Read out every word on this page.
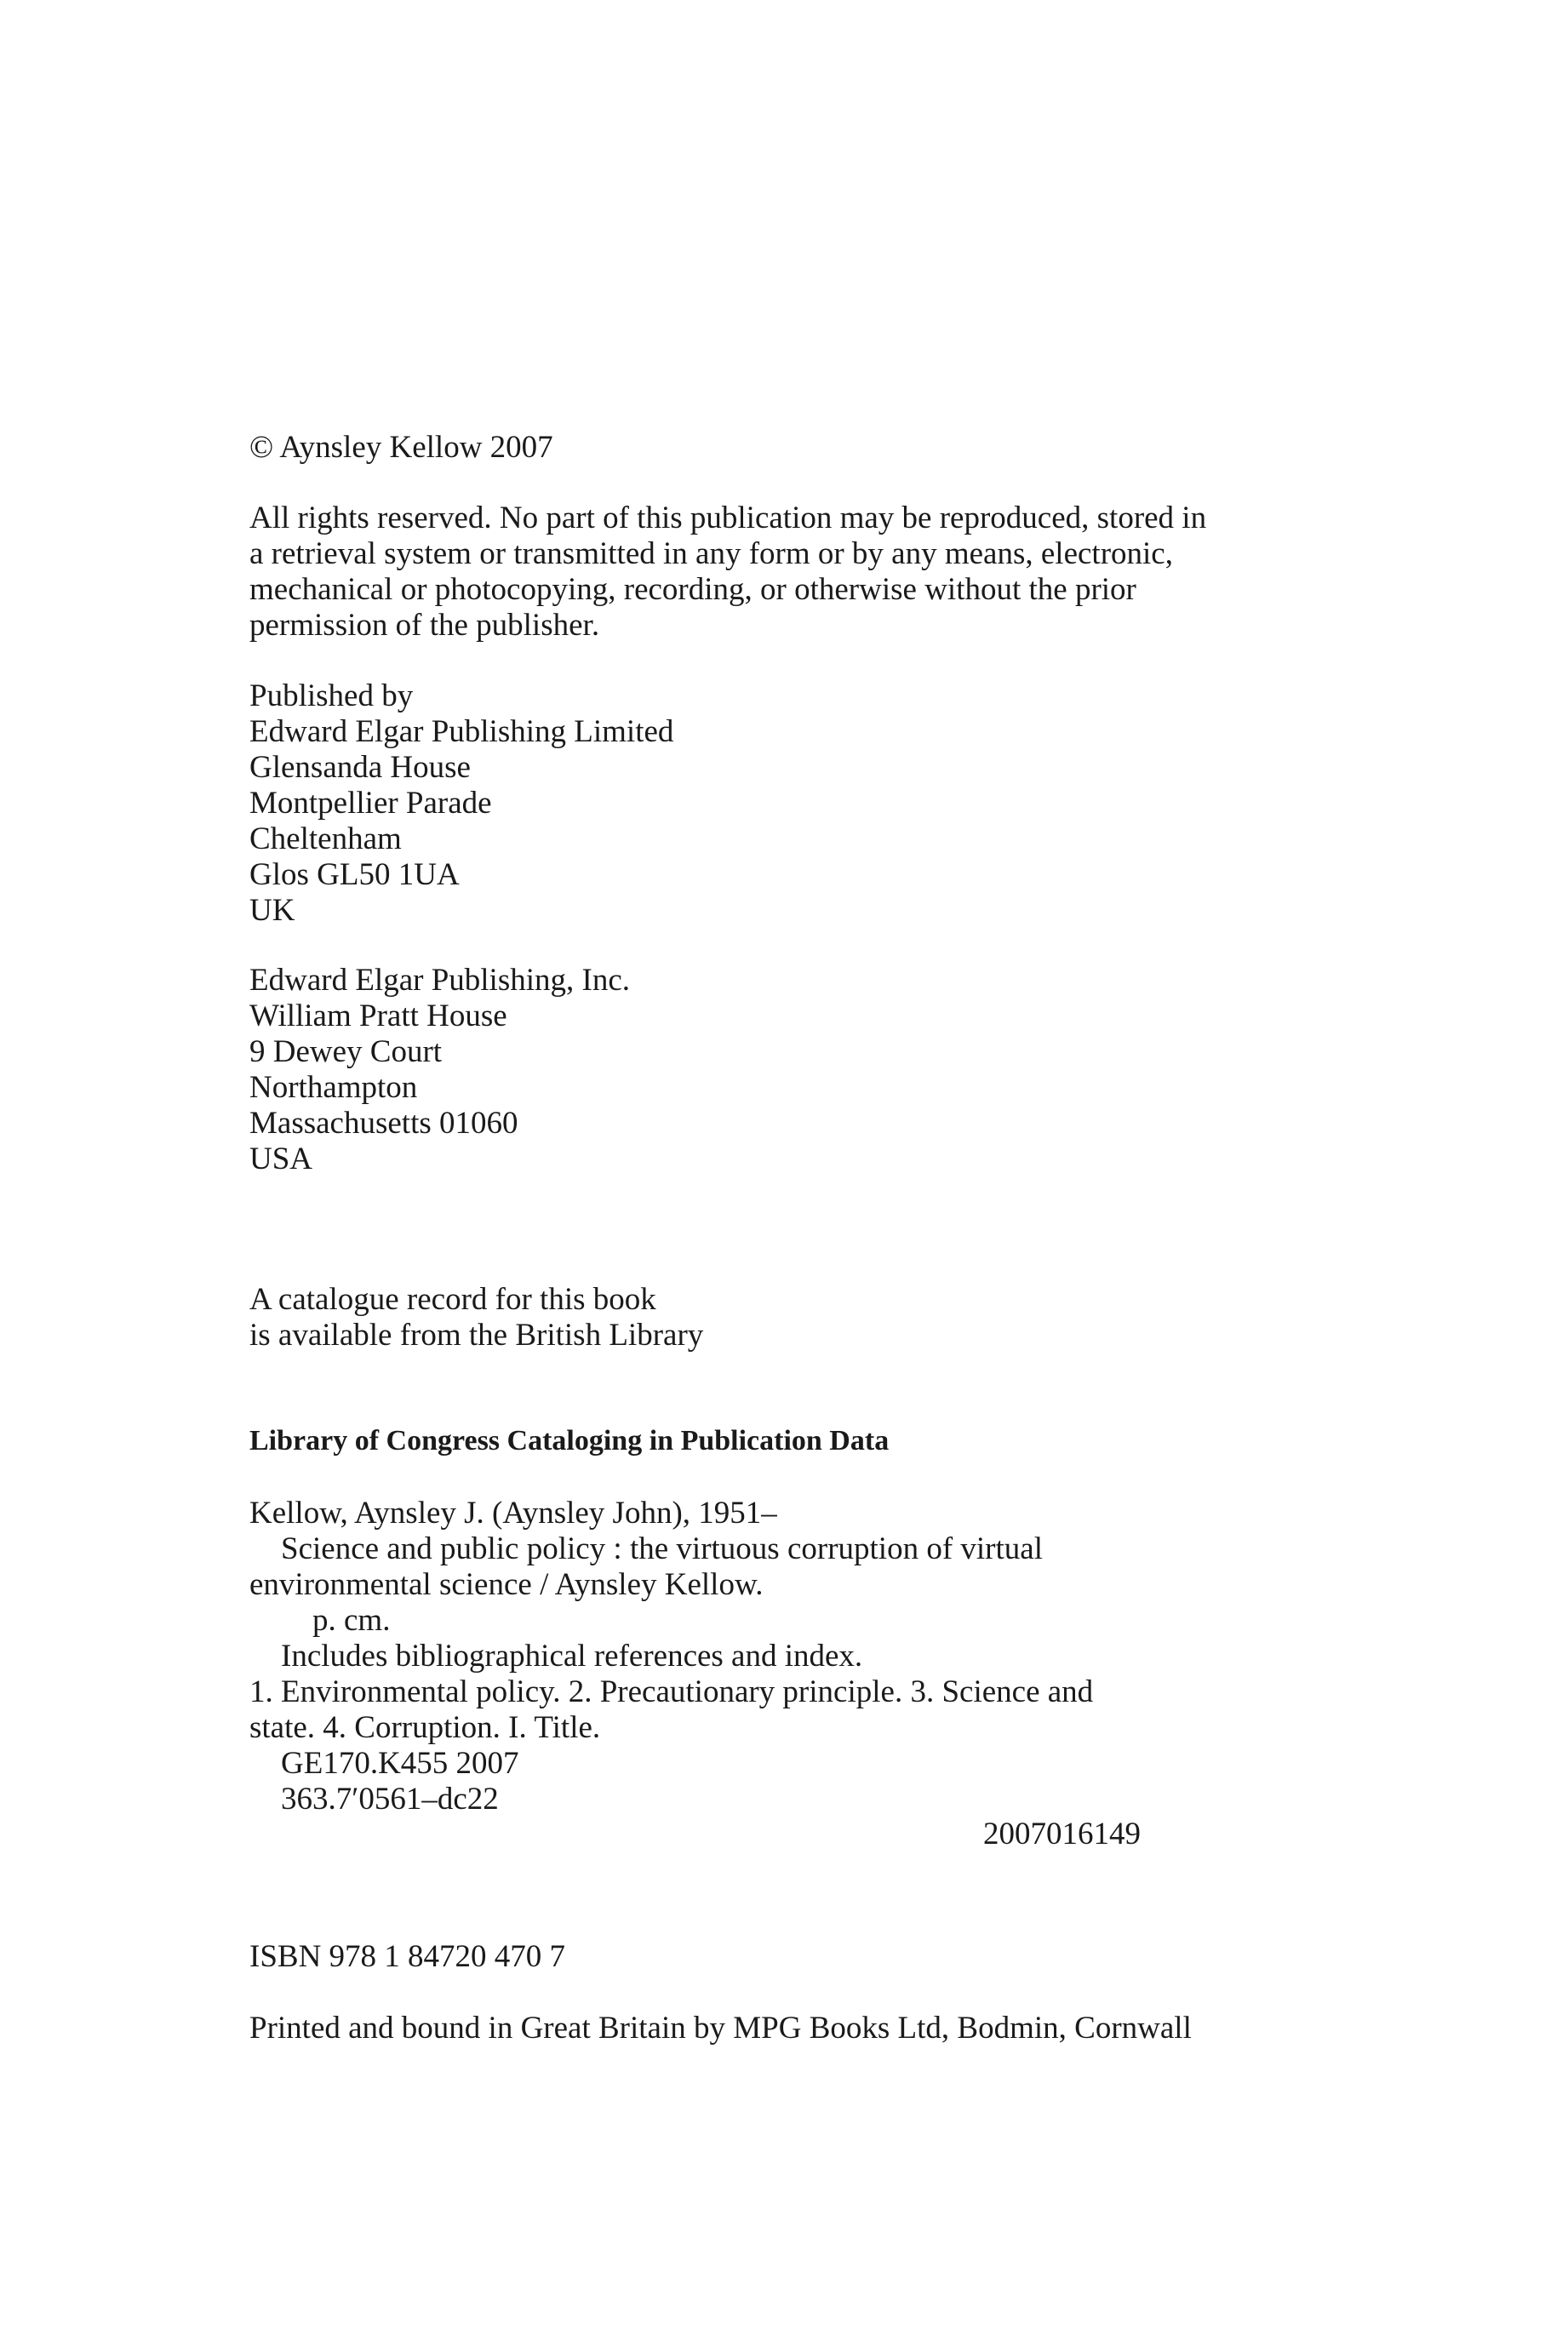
© Aynsley Kellow 2007
All rights reserved. No part of this publication may be reproduced, stored in
a retrieval system or transmitted in any form or by any means, electronic,
mechanical or photocopying, recording, or otherwise without the prior
permission of the publisher.
Published by
Edward Elgar Publishing Limited
Glensanda House
Montpellier Parade
Cheltenham
Glos GL50 1UA
UK
Edward Elgar Publishing, Inc.
William Pratt House
9 Dewey Court
Northampton
Massachusetts 01060
USA
A catalogue record for this book
is available from the British Library
Library of Congress Cataloging in Publication Data
Kellow, Aynsley J. (Aynsley John), 1951–
Science and public policy : the virtuous corruption of virtual
environmental science / Aynsley Kellow.
p. cm.
Includes bibliographical references and index.
1. Environmental policy. 2. Precautionary principle. 3. Science and
state. 4. Corruption. I. Title.
GE170.K455 2007
363.7′0561–dc22
2007016149
ISBN 978 1 84720 470 7
Printed and bound in Great Britain by MPG Books Ltd, Bodmin, Cornwall
